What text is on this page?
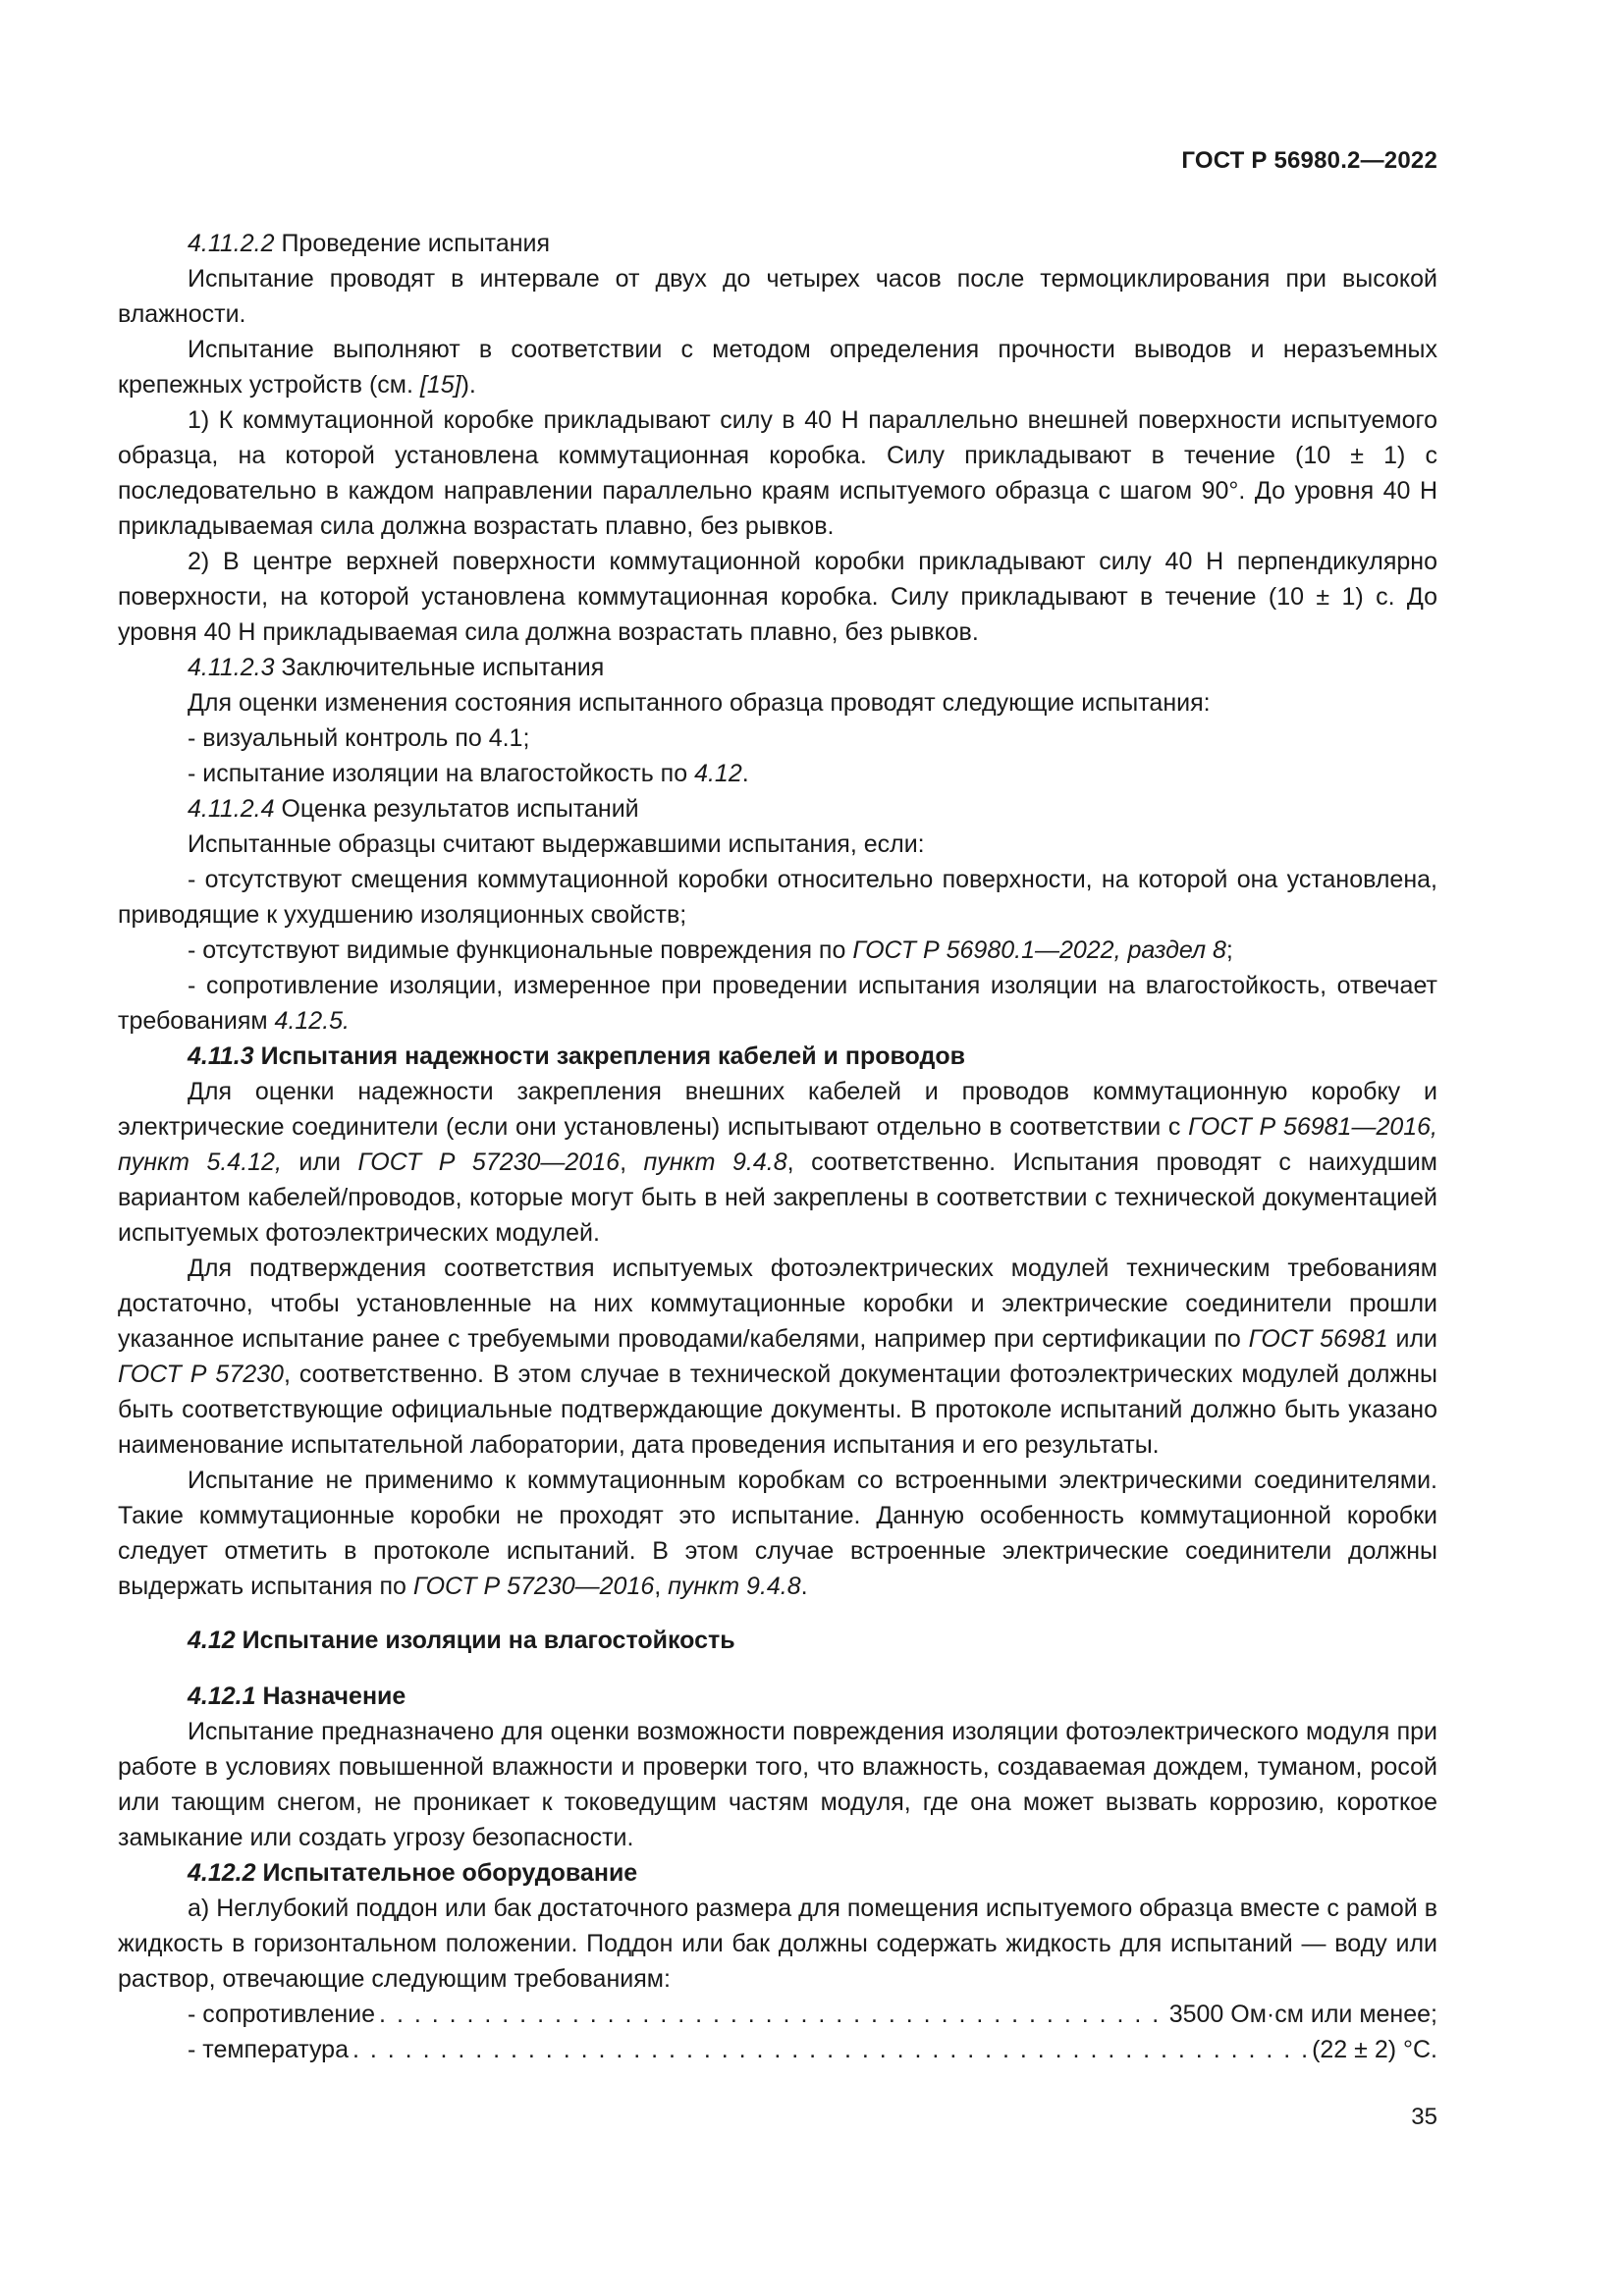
ГОСТ Р 56980.2—2022

4.11.2.2 Проведение испытания

Испытание проводят в интервале от двух до четырех часов после термоциклирования при высокой влажности.

Испытание выполняют в соответствии с методом определения прочности выводов и неразъемных крепежных устройств (см. [15]).

1) К коммутационной коробке прикладывают силу в 40 Н параллельно внешней поверхности испытуемого образца, на которой установлена коммутационная коробка. Силу прикладывают в течение (10 ± 1) с последовательно в каждом направлении параллельно краям испытуемого образца с шагом 90°. До уровня 40 Н прикладываемая сила должна возрастать плавно, без рывков.

2) В центре верхней поверхности коммутационной коробки прикладывают силу 40 Н перпендикулярно поверхности, на которой установлена коммутационная коробка. Силу прикладывают в течение (10 ± 1) с. До уровня 40 Н прикладываемая сила должна возрастать плавно, без рывков.

4.11.2.3 Заключительные испытания

Для оценки изменения состояния испытанного образца проводят следующие испытания:

- визуальный контроль по 4.1;

- испытание изоляции на влагостойкость по 4.12.

4.11.2.4 Оценка результатов испытаний

Испытанные образцы считают выдержавшими испытания, если:

- отсутствуют смещения коммутационной коробки относительно поверхности, на которой она установлена, приводящие к ухудшению изоляционных свойств;

- отсутствуют видимые функциональные повреждения по ГОСТ Р 56980.1—2022, раздел 8;

- сопротивление изоляции, измеренное при проведении испытания изоляции на влагостойкость, отвечает требованиям 4.12.5.

4.11.3 Испытания надежности закрепления кабелей и проводов

Для оценки надежности закрепления внешних кабелей и проводов коммутационную коробку и электрические соединители (если они установлены) испытывают отдельно в соответствии с ГОСТ Р 56981—2016, пункт 5.4.12, или ГОСТ Р 57230—2016, пункт 9.4.8, соответственно. Испытания проводят с наихудшим вариантом кабелей/проводов, которые могут быть в ней закреплены в соответствии с технической документацией испытуемых фотоэлектрических модулей.

Для подтверждения соответствия испытуемых фотоэлектрических модулей техническим требованиям достаточно, чтобы установленные на них коммутационные коробки и электрические соединители прошли указанное испытание ранее с требуемыми проводами/кабелями, например при сертификации по ГОСТ 56981 или ГОСТ Р 57230, соответственно. В этом случае в технической документации фотоэлектрических модулей должны быть соответствующие официальные подтверждающие документы. В протоколе испытаний должно быть указано наименование испытательной лаборатории, дата проведения испытания и его результаты.

Испытание не применимо к коммутационным коробкам со встроенными электрическими соединителями. Такие коммутационные коробки не проходят это испытание. Данную особенность коммутационной коробки следует отметить в протоколе испытаний. В этом случае встроенные электрические соединители должны выдержать испытания по ГОСТ Р 57230—2016, пункт 9.4.8.

4.12 Испытание изоляции на влагостойкость

4.12.1 Назначение

Испытание предназначено для оценки возможности повреждения изоляции фотоэлектрического модуля при работе в условиях повышенной влажности и проверки того, что влажность, создаваемая дождем, туманом, росой или тающим снегом, не проникает к токоведущим частям модуля, где она может вызвать коррозию, короткое замыкание или создать угрозу безопасности.

4.12.2 Испытательное оборудование

а) Неглубокий поддон или бак достаточного размера для помещения испытуемого образца вместе с рамой в жидкость в горизонтальном положении. Поддон или бак должны содержать жидкость для испытаний — воду или раствор, отвечающие следующим требованиям:

- сопротивление . . .	3500 Ом·см или менее;
- температура . . .	(22 ± 2) °С.
35
